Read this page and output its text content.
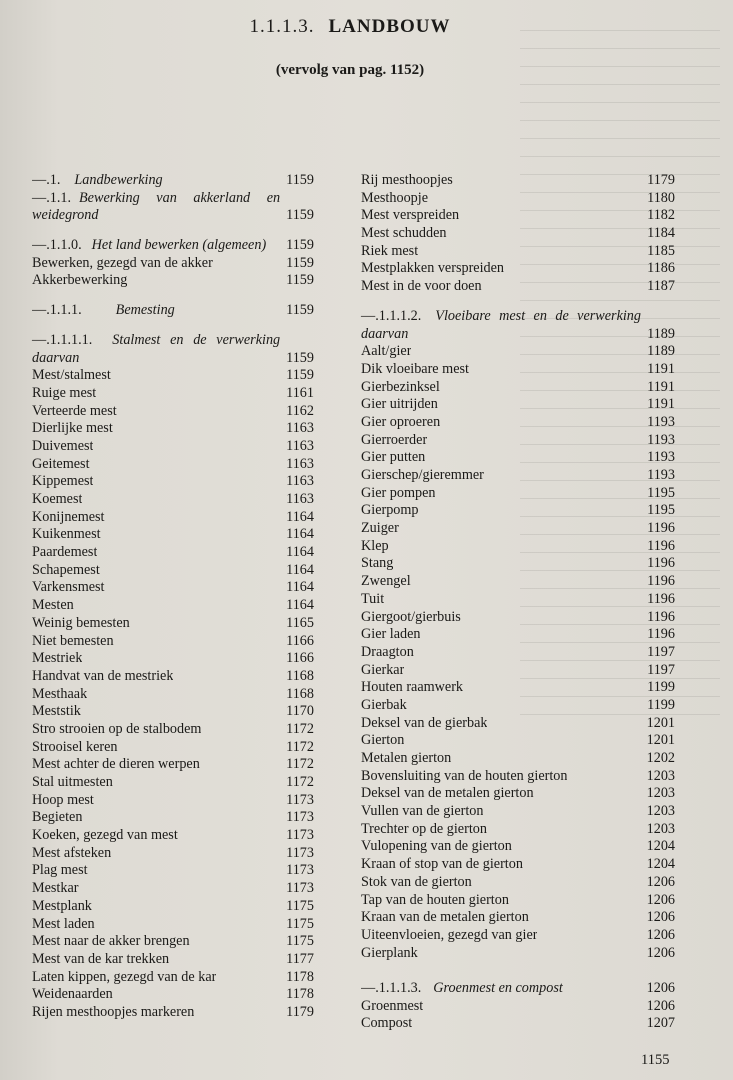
1.1.1.3. LANDBOUW
(vervolg van pag. 1152)
—.1. Landbewerking	1159
—.1.1. Bewerking van akkerland en weidegrond	1159
—.1.1.0. Het land bewerken (algemeen)	1159
Bewerken, gezegd van de akker	1159
Akkerbewerking	1159
—.1.1.1. Bemesting	1159
—.1.1.1.1. Stalmest en de verwerking daarvan	1159
Mest/stalmest	1159
Ruige mest	1161
Verteerde mest	1162
Dierlijke mest	1163
Duivemest	1163
Geitemest	1163
Kippemest	1163
Koemest	1163
Konijnemest	1164
Kuikenmest	1164
Paardemest	1164
Schapemest	1164
Varkensmest	1164
Mesten	1164
Weinig bemesten	1165
Niet bemesten	1166
Mestriek	1166
Handvat van de mestriek	1168
Mesthaak	1168
Meststik	1170
Stro strooien op de stalbodem	1172
Strooisel keren	1172
Mest achter de dieren werpen	1172
Stal uitmesten	1172
Hoop mest	1173
Begieten	1173
Koeken, gezegd van mest	1173
Mest afsteken	1173
Plag mest	1173
Mestkar	1173
Mestplank	1175
Mest laden	1175
Mest naar de akker brengen	1175
Mest van de kar trekken	1177
Laten kippen, gezegd van de kar	1178
Weidenaarden	1178
Rijen mesthoopjes markeren	1179
Rij mesthoopjes	1179
Mesthoopje	1180
Mest verspreiden	1182
Mest schudden	1184
Riek mest	1185
Mestplakken verspreiden	1186
Mest in de voor doen	1187
—.1.1.1.2. Vloeibare mest en de verwerking daarvan	1189
Aalt/gier	1189
Dik vloeibare mest	1191
Gierbezinksel	1191
Gier uitrijden	1191
Gier oproeren	1193
Gierroerder	1193
Gier putten	1193
Gierschep/gieremmer	1193
Gier pompen	1195
Gierpomp	1195
Zuiger	1196
Klep	1196
Stang	1196
Zwengel	1196
Tuit	1196
Giergoot/gierbuis	1196
Gier laden	1196
Draagton	1197
Gierkar	1197
Houten raamwerk	1199
Gierbak	1199
Deksel van de gierbak	1201
Gierton	1201
Metalen gierton	1202
Bovensluiting van de houten gierton	1203
Deksel van de metalen gierton	1203
Vullen van de gierton	1203
Trechter op de gierton	1203
Vulopening van de gierton	1204
Kraan of stop van de gierton	1204
Stok van de gierton	1206
Tap van de houten gierton	1206
Kraan van de metalen gierton	1206
Uiteenvloeien, gezegd van gier	1206
Gierplank	1206
—.1.1.1.3. Groenmest en compost	1206
Groenmest	1206
Compost	1207
1155
